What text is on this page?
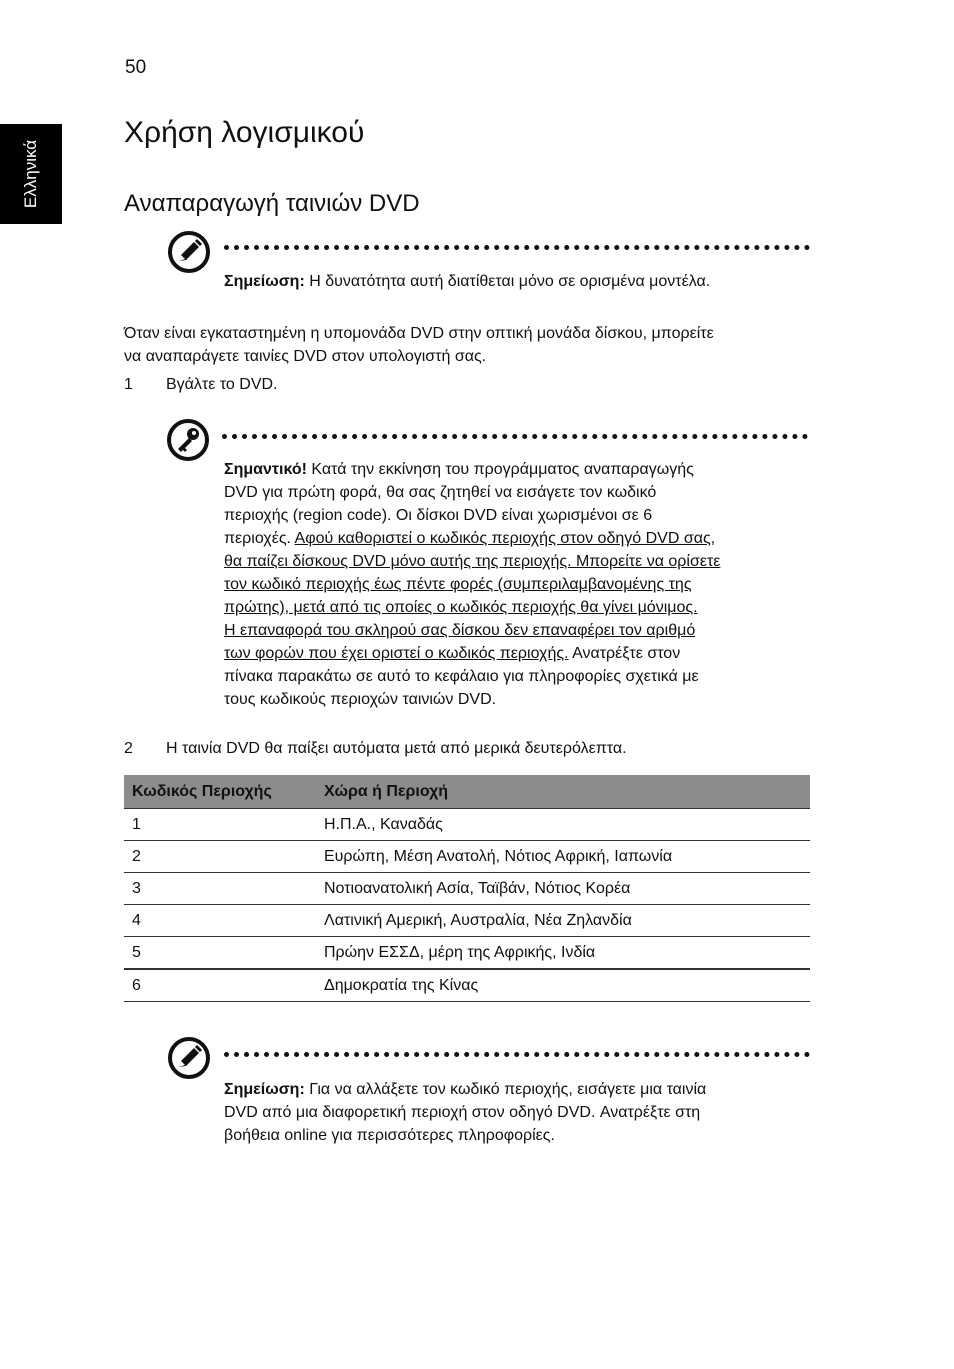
50
Ελληνικά
Χρήση λογισμικού
Αναπαραγωγή ταινιών DVD
Σημείωση: Η δυνατότητα αυτή διατίθεται μόνο σε ορισμένα μοντέλα.
Όταν είναι εγκαταστημένη η υπομονάδα DVD στην οπτική μονάδα δίσκου, μπορείτε
να αναπαράγετε ταινίες DVD στον υπολογιστή σας.
1 Βγάλτε το DVD.
Σημαντικό! Κατά την εκκίνηση του προγράμματος αναπαραγωγής
DVD για πρώτη φορά, θα σας ζητηθεί να εισάγετε τον κωδικό
περιοχής (region code). Οι δίσκοι DVD είναι χωρισμένοι σε 6
περιοχές. Αφού καθοριστεί ο κωδικός περιοχής στον οδηγό DVD σας,
θα παίζει δίσκους DVD μόνο αυτής της περιοχής. Μπορείτε να ορίσετε
τον κωδικό περιοχής έως πέντε φορές (συμπεριλαμβανομένης της
πρώτης), μετά από τις οποίες ο κωδικός περιοχής θα γίνει μόνιμος.
Η επαναφορά του σκληρού σας δίσκου δεν επαναφέρει τον αριθμό
των φορών που έχει οριστεί ο κωδικός περιοχής. Ανατρέξτε στον
πίνακα παρακάτω σε αυτό το κεφάλαιο για πληροφορίες σχετικά με
τους κωδικούς περιοχών ταινιών DVD.
2 Η ταινία DVD θα παίξει αυτόματα μετά από μερικά δευτερόλεπτα.
Κωδικός Περιοχής	Χώρα ή Περιοχή
1	Η.Π.Α., Καναδάς
2	Ευρώπη, Μέση Ανατολή, Νότιος Αφρική, Ιαπωνία
3	Νοτιοανατολική Ασία, Ταϊβάν, Νότιος Κορέα
4	Λατινική Αμερική, Αυστραλία, Νέα Ζηλανδία
5	Πρώην ΕΣΣΔ, μέρη της Αφρικής, Ινδία
6	Δημοκρατία της Κίνας
Σημείωση: Για να αλλάξετε τον κωδικό περιοχής, εισάγετε μια ταινία
DVD από μια διαφορετική περιοχή στον οδηγό DVD. Ανατρέξτε στη
βοήθεια online για περισσότερες πληροφορίες.
